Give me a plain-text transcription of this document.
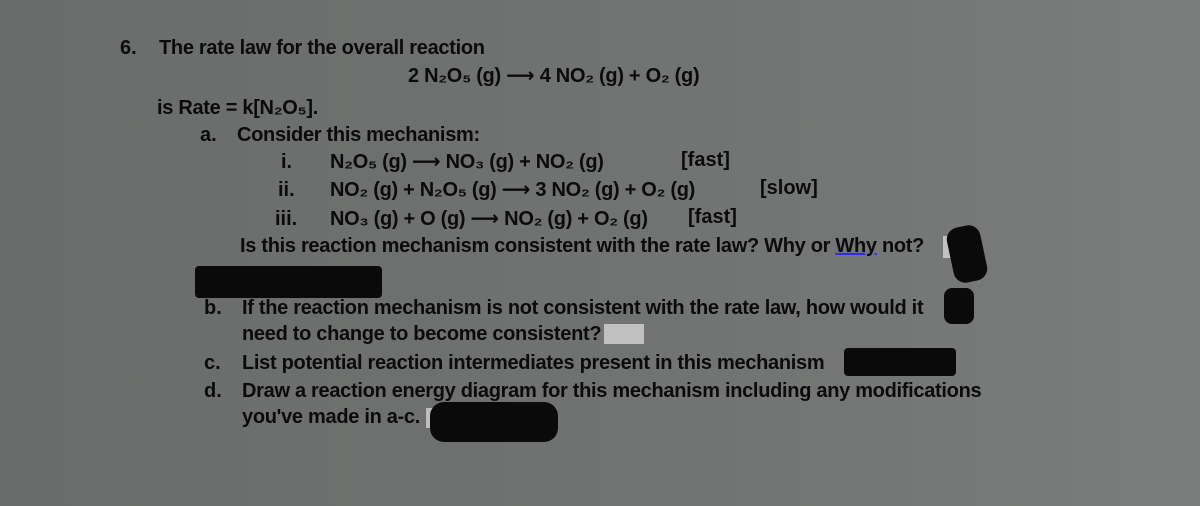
6. The rate law for the overall reaction
2 N₂O₅ (g) ⟶ 4 NO₂ (g) + O₂ (g)
is Rate = k[N₂O₅].
a. Consider this mechanism:
i. N₂O₅ (g) ⟶ NO₃ (g) + NO₂ (g)	[fast]
ii. NO₂ (g) + N₂O₅ (g) ⟶ 3 NO₂ (g) + O₂ (g)	[slow]
iii. NO₃ (g) + O (g) ⟶ NO₂ (g) + O₂ (g) [fast]
Is this reaction mechanism consistent with the rate law? Why or Why not?
b. If the reaction mechanism is not consistent with the rate law, how would it
need to change to become consistent?
c. List potential reaction intermediates present in this mechanism
d. Draw a reaction energy diagram for this mechanism including any modifications
you've made in a-c.
